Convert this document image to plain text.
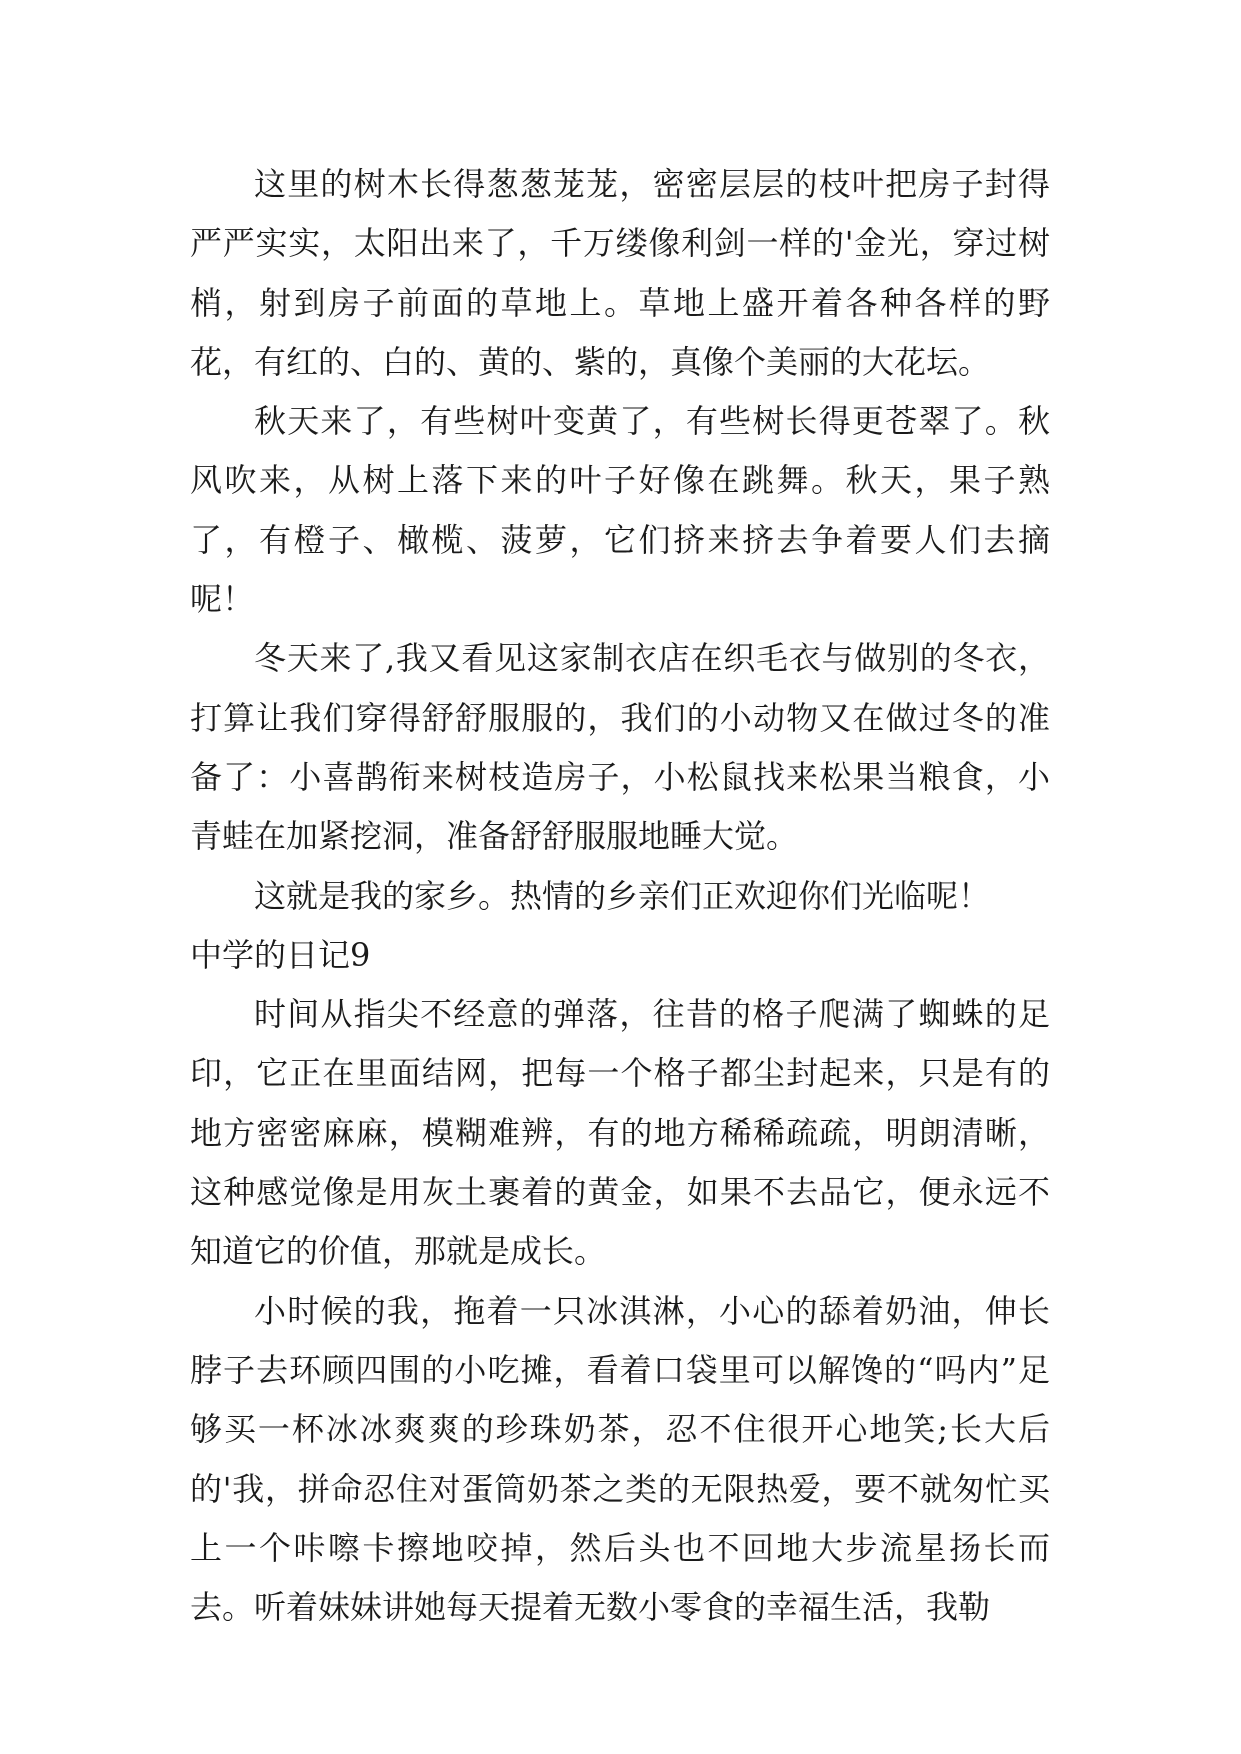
这里的树木长得葱葱茏茏，密密层层的枝叶把房子封得严严实实，太阳出来了，千万缕像利剑一样的'金光，穿过树梢，射到房子前面的草地上。草地上盛开着各种各样的野花，有红的、白的、黄的、紫的，真像个美丽的大花坛。

秋天来了，有些树叶变黄了，有些树长得更苍翠了。秋风吹来，从树上落下来的叶子好像在跳舞。秋天，果子熟了，有橙子、橄榄、菠萝，它们挤来挤去争着要人们去摘呢！

冬天来了,我又看见这家制衣店在织毛衣与做别的冬衣，打算让我们穿得舒舒服服的，我们的小动物又在做过冬的准备了：小喜鹊衔来树枝造房子，小松鼠找来松果当粮食，小青蛙在加紧挖洞，准备舒舒服服地睡大觉。

这就是我的家乡。热情的乡亲们正欢迎你们光临呢！

中学的日记9

时间从指尖不经意的弹落，往昔的格子爬满了蜘蛛的足印，它正在里面结网，把每一个格子都尘封起来，只是有的地方密密麻麻，模糊难辨，有的地方稀稀疏疏，明朗清晰，这种感觉像是用灰土裹着的黄金，如果不去品它，便永远不知道它的价值，那就是成长。

小时候的我，拖着一只冰淇淋，小心的舔着奶油，伸长脖子去环顾四围的小吃摊，看着口袋里可以解馋的“吗内”足够买一杯冰冰爽爽的珍珠奶茶，忍不住很开心地笑;长大后的'我，拼命忍住对蛋筒奶茶之类的无限热爱，要不就匆忙买上一个咔嚓卡擦地咬掉，然后头也不回地大步流星扬长而去。听着妹妹讲她每天提着无数小零食的幸福生活，我勒
